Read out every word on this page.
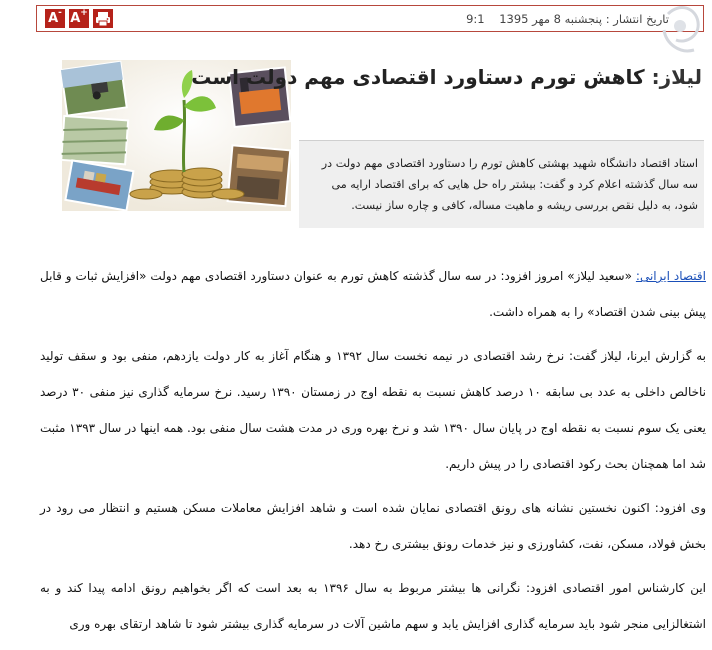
A- A+	تاریخ انتشار : پنجشنبه 8 مهر 1395    9:1
لیلاز: کاهش تورم دستاورد اقتصادی مهم دولت است
استاد اقتصاد دانشگاه شهید بهشتی کاهش تورم را دستاورد اقتصادی مهم دولت در سه سال گذشته اعلام کرد و گفت: بیشتر راه حل هایی که برای اقتصاد ارایه می شود، به دلیل نقص بررسی ریشه و ماهیت مساله، کافی و چاره ساز نیست.

اقتصاد ایرانی: «سعید لیلاز» امروز افزود: در سه سال گذشته کاهش تورم به عنوان دستاورد اقتصادی مهم دولت «افزایش ثبات و قابل پیش بینی شدن اقتصاد» را به همراه داشت.

به گزارش ایرنا، لیلاز گفت: نرخ رشد اقتصادی در نیمه نخست سال ۱۳۹۲ و هنگام آغاز به کار دولت یازدهم، منفی بود و سقف تولید ناخالص داخلی به عدد بی سابقه ۱۰ درصد کاهش نسبت به نقطه اوج در زمستان ۱۳۹۰ رسید. نرخ سرمایه گذاری نیز منفی ۳۰ درصد یعنی یک سوم نسبت به نقطه اوج در پایان سال ۱۳۹۰ شد و نرخ بهره وری در مدت هشت سال منفی بود. همه اینها در سال ۱۳۹۳ مثبت شد اما همچنان بحث رکود اقتصادی را در پیش داریم.

وی افزود: اکنون نخستین نشانه های رونق اقتصادی نمایان شده است و شاهد افزایش معاملات مسکن هستیم و انتظار می رود در بخش فولاد، مسکن، نفت، کشاورزی و نیز خدمات رونق بیشتری رخ دهد.

این کارشناس امور اقتصادی افزود: نگرانی ها بیشتر مربوط به سال ۱۳۹۶ به بعد است که اگر بخواهیم رونق ادامه پیدا کند و به اشتغالزایی منجر شود باید سرمایه گذاری افزایش یابد و سهم ماشین آلات در سرمایه گذاری بیشتر شود تا شاهد ارتقای بهره وری
